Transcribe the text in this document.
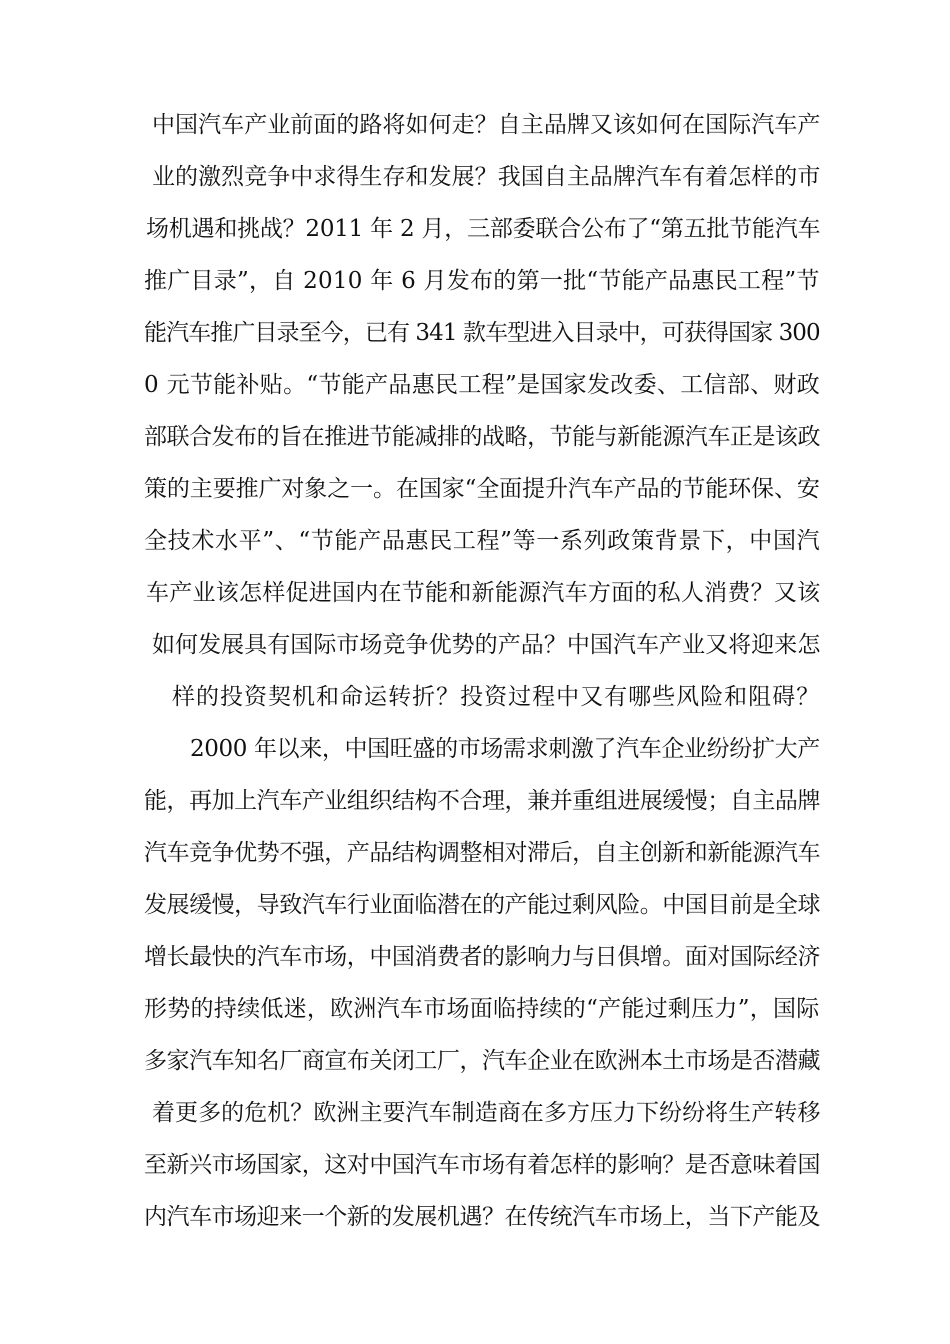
中国汽车产业前面的路将如何走？自主品牌又该如何在国际汽车产
业的激烈竞争中求得生存和发展？我国自主品牌汽车有着怎样的市
场机遇和挑战？2011 年 2 月，三部委联合公布了“第五批节能汽车
推广目录”，自 2010 年 6 月发布的第一批“节能产品惠民工程”节
能汽车推广目录至今，已有 341 款车型进入目录中，可获得国家 300
0 元节能补贴。“节能产品惠民工程”是国家发改委、工信部、财政
部联合发布的旨在推进节能减排的战略，节能与新能源汽车正是该政
策的主要推广对象之一。在国家“全面提升汽车产品的节能环保、安
全技术水平”、“节能产品惠民工程”等一系列政策背景下，中国汽
车产业该怎样促进国内在节能和新能源汽车方面的私人消费？又该
如何发展具有国际市场竞争优势的产品？中国汽车产业又将迎来怎
样的投资契机和命运转折？投资过程中又有哪些风险和阻碍？
2000 年以来，中国旺盛的市场需求刺激了汽车企业纷纷扩大产
能，再加上汽车产业组织结构不合理，兼并重组进展缓慢；自主品牌
汽车竞争优势不强，产品结构调整相对滞后，自主创新和新能源汽车
发展缓慢，导致汽车行业面临潜在的产能过剩风险。中国目前是全球
增长最快的汽车市场，中国消费者的影响力与日俱增。面对国际经济
形势的持续低迷，欧洲汽车市场面临持续的“产能过剩压力”，国际
多家汽车知名厂商宣布关闭工厂，汽车企业在欧洲本土市场是否潜藏
着更多的危机？欧洲主要汽车制造商在多方压力下纷纷将生产转移
至新兴市场国家，这对中国汽车市场有着怎样的影响？是否意味着国
内汽车市场迎来一个新的发展机遇？在传统汽车市场上，当下产能及
